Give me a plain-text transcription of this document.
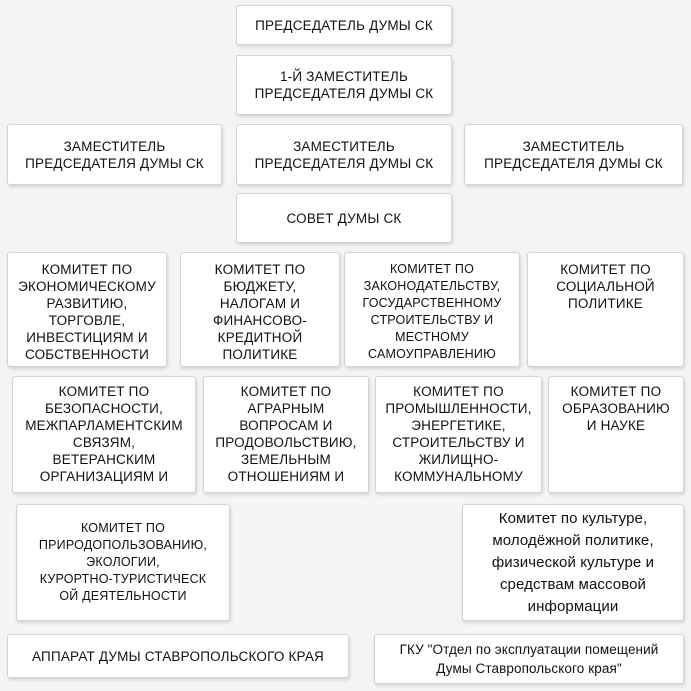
ПРЕДСЕДАТЕЛЬ ДУМЫ СК
1-Й ЗАМЕСТИТЕЛЬ
ПРЕДСЕДАТЕЛЯ ДУМЫ СК
ЗАМЕСТИТЕЛЬ
ПРЕДСЕДАТЕЛЯ ДУМЫ СК
ЗАМЕСТИТЕЛЬ
ПРЕДСЕДАТЕЛЯ ДУМЫ СК
ЗАМЕСТИТЕЛЬ
ПРЕДСЕДАТЕЛЯ ДУМЫ СК
СОВЕТ ДУМЫ СК
КОМИТЕТ ПО
ЭКОНОМИЧЕСКОМУ
РАЗВИТИЮ,
ТОРГОВЛЕ,
ИНВЕСТИЦИЯМ И
СОБСТВЕННОСТИ
КОМИТЕТ ПО
БЮДЖЕТУ,
НАЛОГАМ И
ФИНАНСОВО-
КРЕДИТНОЙ
ПОЛИТИКЕ
КОМИТЕТ ПО
ЗАКОНОДАТЕЛЬСТВУ,
ГОСУДАРСТВЕННОМУ
СТРОИТЕЛЬСТВУ И
МЕСТНОМУ
САМОУПРАВЛЕНИЮ
КОМИТЕТ ПО
СОЦИАЛЬНОЙ
ПОЛИТИКЕ
КОМИТЕТ ПО
БЕЗОПАСНОСТИ,
МЕЖПАРЛАМЕНТСКИМ
СВЯЗЯМ,
ВЕТЕРАНСКИМ
ОРГАНИЗАЦИЯМ И
КОМИТЕТ ПО
АГРАРНЫМ
ВОПРОСАМ И
ПРОДОВОЛЬСТВИЮ,
ЗЕМЕЛЬНЫМ
ОТНОШЕНИЯМ И
КОМИТЕТ ПО
ПРОМЫШЛЕННОСТИ,
ЭНЕРГЕТИКЕ,
СТРОИТЕЛЬСТВУ И
ЖИЛИЩНО-
КОММУНАЛЬНОМУ
КОМИТЕТ ПО
ОБРАЗОВАНИЮ
И НАУКЕ
КОМИТЕТ ПО
ПРИРОДОПОЛЬЗОВАНИЮ,
ЭКОЛОГИИ,
КУРОРТНО-ТУРИСТИЧЕСК
ОЙ ДЕЯТЕЛЬНОСТИ
Комитет по культуре,
молодёжной политике,
физической культуре и
средствам массовой
информации
АППАРАТ ДУМЫ СТАВРОПОЛЬСКОГО КРАЯ	ГКУ "Отдел по эксплуатации помещений
Думы Ставропольского края"
